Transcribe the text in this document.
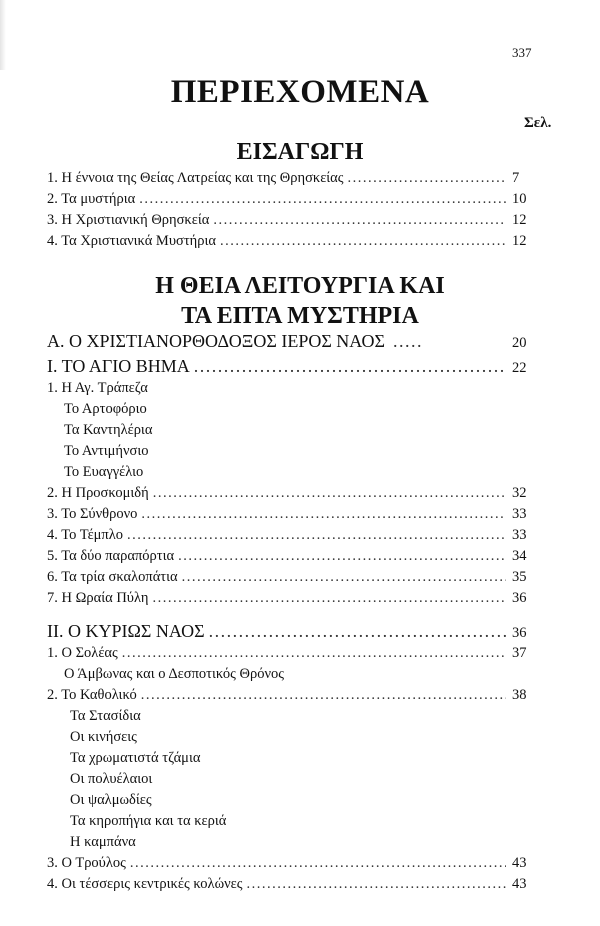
337
ΠΕΡΙΕΧΟΜΕΝΑ
Σελ.
ΕΙΣΑΓΩΓΗ
1. Η έννοια της Θείας Λατρείας και της Θρησκείας .....	7
2. Τα μυστήρια .....	10
3. Η Χριστιανική Θρησκεία .....	12
4. Τα Χριστιανικά Μυστήρια .....	12
Η ΘΕΙΑ ΛΕΙΤΟΥΡΓΙΑ ΚΑΙ
ΤΑ ΕΠΤΑ ΜΥΣΤΗΡΙΑ
Α. Ο ΧΡΙΣΤΙΑΝΟΡΘΟΔΟΞΟΣ ΙΕΡΟΣ ΝΑΟΣ .....	20
Ι. ΤΟ ΑΓΙΟ ΒΗΜΑ .....	22
1. Η Αγ. Τράπεζα
Το Αρτοφόριο
Τα Καντηλέρια
Το Αντιμήνσιο
Το Ευαγγέλιο
2. Η Προσκομιδή .....	32
3. Το Σύνθρονο .....	33
4. Το Τέμπλο .....	33
5. Τα δύο παραπόρτια .....	34
6. Τα τρία σκαλοπάτια .....	35
7. Η Ωραία Πύλη .....	36
ΙΙ. Ο ΚΥΡΙΩΣ ΝΑΟΣ .....	36
1. Ο Σολέας .....	37
Ο Άμβωνας και ο Δεσποτικός Θρόνος
2. Το Καθολικό .....	38
Τα Στασίδια
Οι κινήσεις
Τα χρωματιστά τζάμια
Οι πολυέλαιοι
Οι ψαλμωδίες
Τα κηροπήγια και τα κεριά
Η καμπάνα
3. Ο Τρούλος .....	43
4. Οι τέσσερις κεντρικές κολώνες .....	43
